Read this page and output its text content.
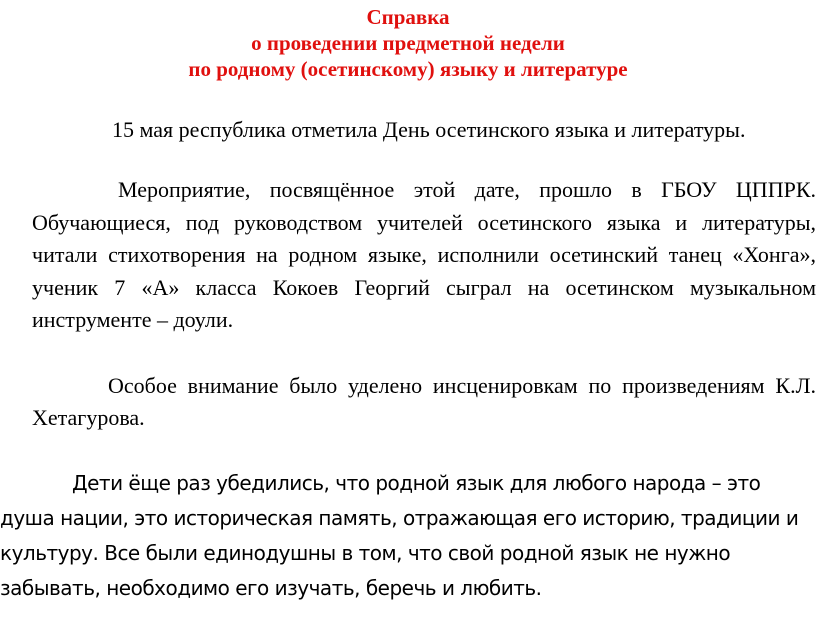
Справка
о проведении предметной недели
по родному (осетинскому) языку и литературе

15 мая республика отметила День осетинского языка и литературы.

Мероприятие, посвящённое этой дате, прошло в ГБОУ ЦППРК. Обучающиеся, под руководством учителей осетинского языка и литературы, читали стихотворения на родном языке, исполнили осетинский танец «Хонга», ученик 7 «А» класса Кокоев Георгий сыграл на осетинском музыкальном инструменте – доули.

Особое внимание было уделено инсценировкам по произведениям К.Л. Хетагурова.

Дети ёще раз убедились, что родной язык для любого народа – это душа нации, это историческая память, отражающая его историю, традиции и культуру. Все были единодушны в том, что свой родной язык не нужно забывать, необходимо его изучать, беречь и любить.
